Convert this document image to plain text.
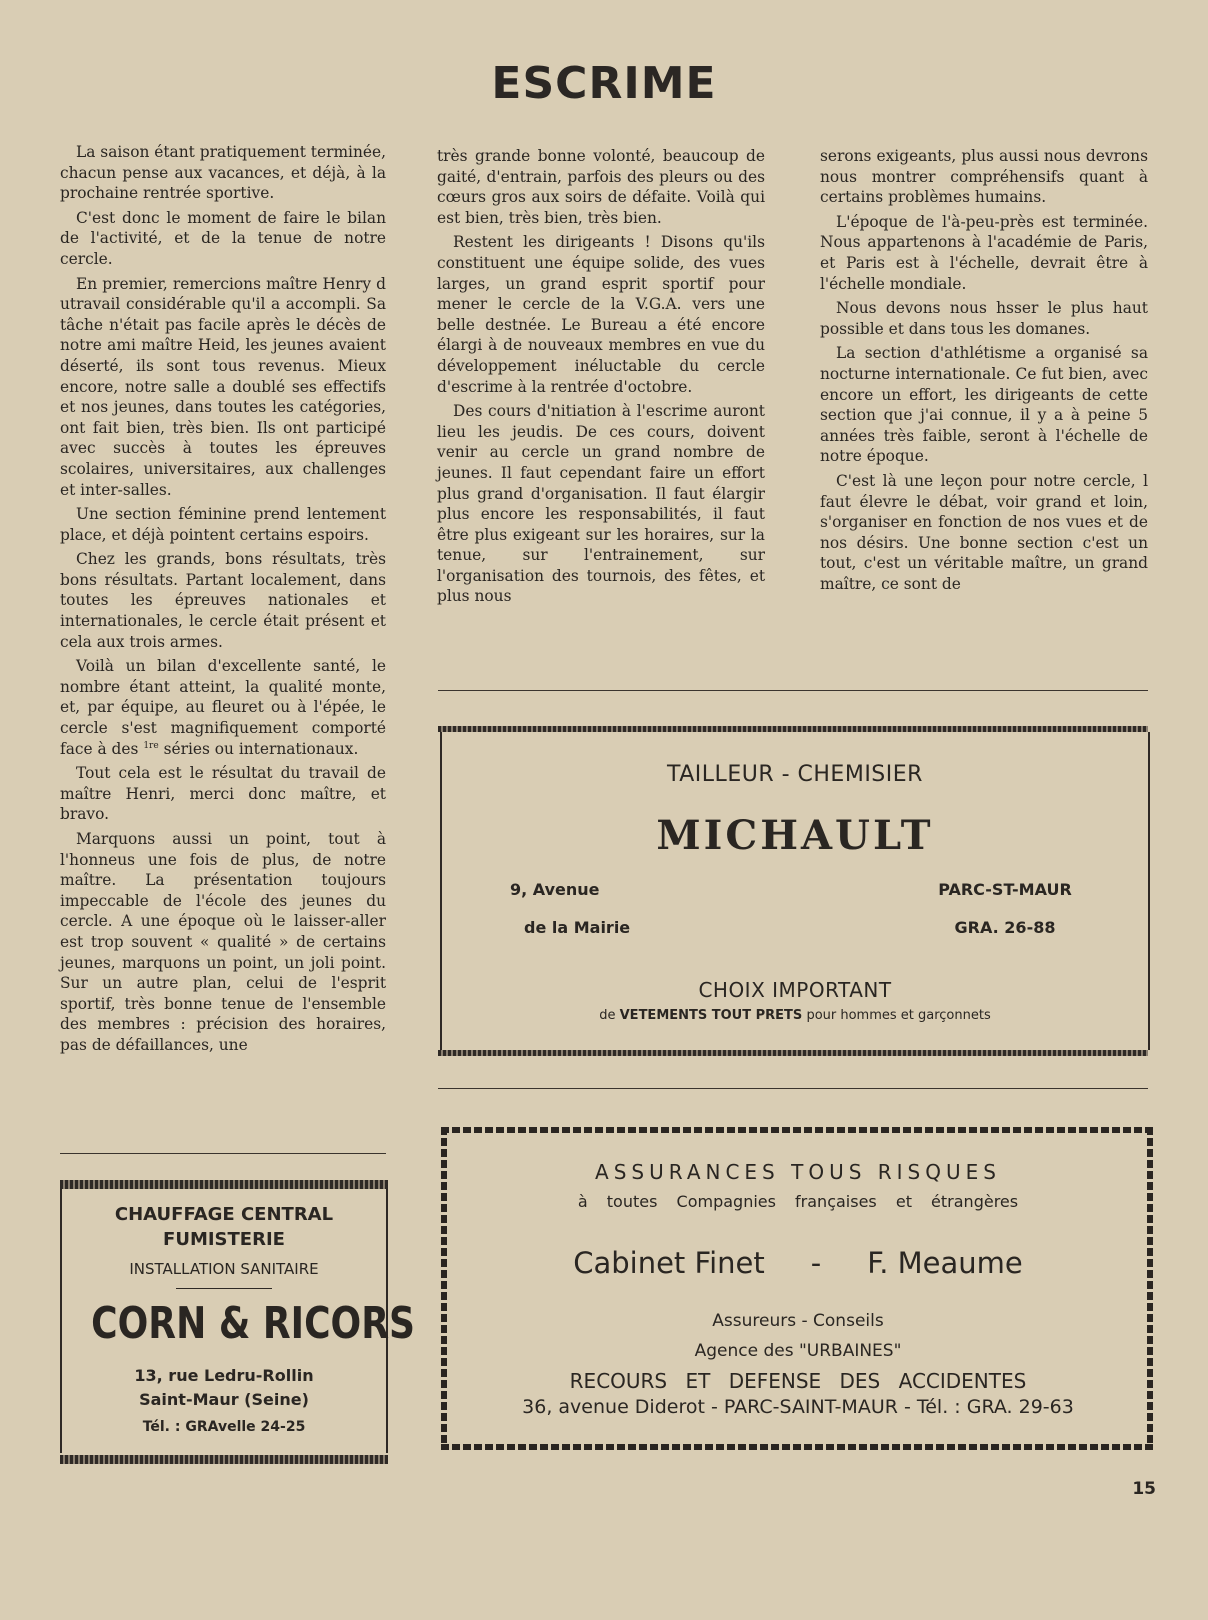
ESCRIME

La saison étant pratiquement terminée, chacun pense aux vacances, et déjà, à la prochaine rentrée sportive.

C'est donc le moment de faire le bilan de l'activité, et de la tenue de notre cercle.

En premier, remercions maître Henry d utravail considérable qu'il a accompli. Sa tâche n'était pas facile après le décès de notre ami maître Heid, les jeunes avaient déserté, ils sont tous revenus. Mieux encore, notre salle a doublé ses effectifs et nos jeunes, dans toutes les catégories, ont fait bien, très bien. Ils ont participé avec succès à toutes les épreuves scolaires, universitaires, aux challenges et inter-salles.

Une section féminine prend lentement place, et déjà pointent certains espoirs.

Chez les grands, bons résultats, très bons résultats. Partant localement, dans toutes les épreuves nationales et internationales, le cercle était présent et cela aux trois armes.

Voilà un bilan d'excellente santé, le nombre étant atteint, la qualité monte, et, par équipe, au fleuret ou à l'épée, le cercle s'est magnifiquement comporté face à des $^{1re}$ séries ou internationaux.

Tout cela est le résultat du travail de maître Henri, merci donc maître, et bravo.

Marquons aussi un point, tout à l'honneus une fois de plus, de notre maître. La présentation toujours impeccable de l'école des jeunes du cercle. A une époque où le laisser-aller est trop souvent « qualité » de certains jeunes, marquons un point, un joli point. Sur un autre plan, celui de l'esprit sportif, très bonne tenue de l'ensemble des membres : précision des horaires, pas de défaillances, une

très grande bonne volonté, beaucoup de gaité, d'entrain, parfois des pleurs ou des cœurs gros aux soirs de défaite. Voilà qui est bien, très bien, très bien.

Restent les dirigeants ! Disons qu'ils constituent une équipe solide, des vues larges, un grand esprit sportif pour mener le cercle de la V.G.A. vers une belle destnée. Le Bureau a été encore élargi à de nouveaux membres en vue du développement inéluctable du cercle d'escrime à la rentrée d'octobre.

Des cours d'nitiation à l'escrime auront lieu les jeudis. De ces cours, doivent venir au cercle un grand nombre de jeunes. Il faut cependant faire un effort plus grand d'organisation. Il faut élargir plus encore les responsabilités, il faut être plus exigeant sur les horaires, sur la tenue, sur l'entrainement, sur l'organisation des tournois, des fêtes, et plus nous

serons exigeants, plus aussi nous devrons nous montrer compréhensifs quant à certains problèmes humains.

L'époque de l'à-peu-près est terminée. Nous appartenons à l'académie de Paris, et Paris est à l'échelle, devrait être à l'échelle mondiale.

Nous devons nous hsser le plus haut possible et dans tous les domanes.

La section d'athlétisme a organisé sa nocturne internationale. Ce fut bien, avec encore un effort, les dirigeants de cette section que j'ai connue, il y a à peine 5 années très faible, seront à l'échelle de notre époque.

C'est là une leçon pour notre cercle, l faut élevre le débat, voir grand et loin, s'organiser en fonction de nos vues et de nos désirs. Une bonne section c'est un tout, c'est un véritable maître, un grand maître, ce sont de

TAILLEUR - CHEMISIER
MICHAULT
9, Avenue
de la Mairie
PARC-ST-MAUR
GRA. 26-88
CHOIX IMPORTANT
de VETEMENTS TOUT PRETS pour hommes et garçonnets
CHAUFFAGE CENTRAL
FUMISTERIE
INSTALLATION SANITAIRE
CORN & RICORS
13, rue Ledru-Rollin
Saint-Maur (Seine)
Tél. : GRAvelle 24-25
ASSURANCES TOUS RISQUES
à toutes Compagnies françaises et étrangères
Cabinet Finet - F. Meaume
Assureurs - Conseils
Agence des "URBAINES"
RECOURS ET DEFENSE DES ACCIDENTES
36, avenue Diderot - PARC-SAINT-MAUR - Tél. : GRA. 29-63
15
